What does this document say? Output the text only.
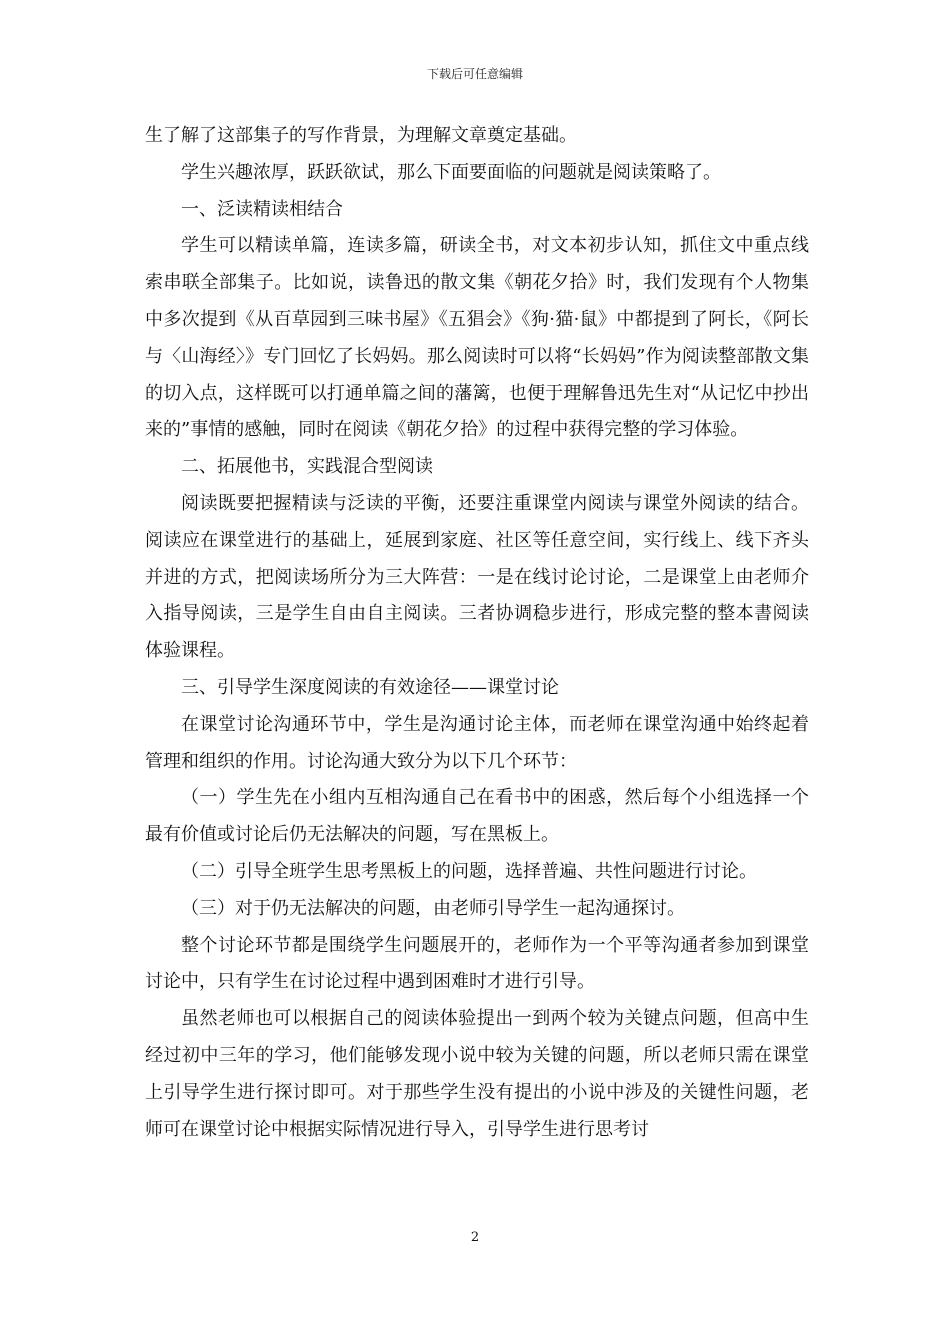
下载后可任意编辑

生了解了这部集子的写作背景，为理解文章奠定基础。

学生兴趣浓厚，跃跃欲试，那么下面要面临的问题就是阅读策略了。

一、泛读精读相结合

学生可以精读单篇，连读多篇，研读全书，对文本初步认知，抓住文中重点线索串联全部集子。比如说，读鲁迅的散文集《朝花夕拾》时，我们发现有个人物集中多次提到《从百草园到三味书屋》《五猖会》《狗·猫·鼠》中都提到了阿长，《阿长与〈山海经〉》专门回忆了长妈妈。那么阅读时可以将“长妈妈”作为阅读整部散文集的切入点，这样既可以打通单篇之间的藩篱，也便于理解鲁迅先生对“从记忆中抄出来的”事情的感触，同时在阅读《朝花夕拾》的过程中获得完整的学习体验。

二、拓展他书，实践混合型阅读

阅读既要把握精读与泛读的平衡，还要注重课堂内阅读与课堂外阅读的结合。阅读应在课堂进行的基础上，延展到家庭、社区等任意空间，实行线上、线下齐头并进的方式，把阅读场所分为三大阵营：一是在线讨论讨论，二是课堂上由老师介入指导阅读，三是学生自由自主阅读。三者协调稳步进行，形成完整的整本書阅读体验课程。

三、引导学生深度阅读的有效途径——课堂讨论

在课堂讨论沟通环节中，学生是沟通讨论主体，而老师在课堂沟通中始终起着管理和组织的作用。讨论沟通大致分为以下几个环节：

（一）学生先在小组内互相沟通自己在看书中的困惑，然后每个小组选择一个最有价值或讨论后仍无法解决的问题，写在黑板上。

（二）引导全班学生思考黑板上的问题，选择普遍、共性问题进行讨论。

（三）对于仍无法解决的问题，由老师引导学生一起沟通探讨。

整个讨论环节都是围绕学生问题展开的，老师作为一个平等沟通者参加到课堂讨论中，只有学生在讨论过程中遇到困难时才进行引导。

虽然老师也可以根据自己的阅读体验提出一到两个较为关键点问题，但高中生经过初中三年的学习，他们能够发现小说中较为关键的问题，所以老师只需在课堂上引导学生进行探讨即可。对于那些学生没有提出的小说中涉及的关键性问题，老师可在课堂讨论中根据实际情况进行导入，引导学生进行思考讨

2
